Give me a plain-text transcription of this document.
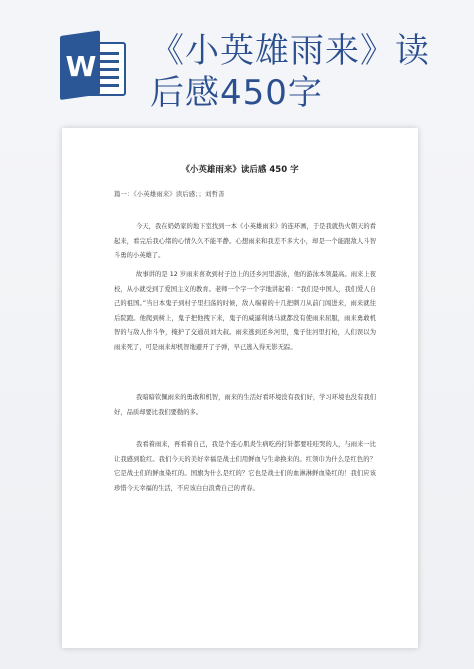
W 《小英雄雨来》读
后感450字
《小英雄雨来》读后感 450 字
篇一：《小英雄雨来》读后感；；刘哲善

今天，我在奶奶家的地下室找到一本《小英雄雨来》的连环画，于是我就热火朝天的看起来，看完后我心绪的心情久久不能平静。心想雨来和我差不多大小，却是一个能跟敌人斗智斗勇的小英雄了。

故事讲的是 12 岁雨来喜欢到村子边上的还乡河里游泳，他的游泳本领最高。雨来上夜校，从小就受到了爱国主义的教育。老师一个字一个字地讲起着：“我们是中国人，我们爱人自己的祖国。”当日本鬼子到村子里扫荡的时候，敌人端着的十几把刺刀从前门闯进来，雨来就往后院跑。他爬到树上，鬼子把他拽下来，鬼子的威逼利诱马就都没有使雨来屈服，雨来勇敢机智的与敌人作斗争，掩护了交通员刘大叔。雨来逃到还乡河里，鬼子往河里打枪，人们误以为雨来死了，可是雨来却机智地避开了子弹，早已逃入得无影无踪。

我暗暗钦佩雨来的勇敢和机智，雨来的生活好看环境没有我们好，学习环境也没有我们好，品质却要比我们要勤的多。

我看着雨来，再看着自己，我是个连心肌炎生病吃药打针都要哇哇哭的人，与雨来一比让我感到脸红。我们今天的美好幸福是战士们用鲜血与生命换来的。红领巾为什么是红色的？它是战士们的鲜血染红的。国旗为什么是红的？它也是战士们的血淋淋鲜血染红的！我们应该珍惜今天幸福的生活，不应该白白浪费自己的青春。
